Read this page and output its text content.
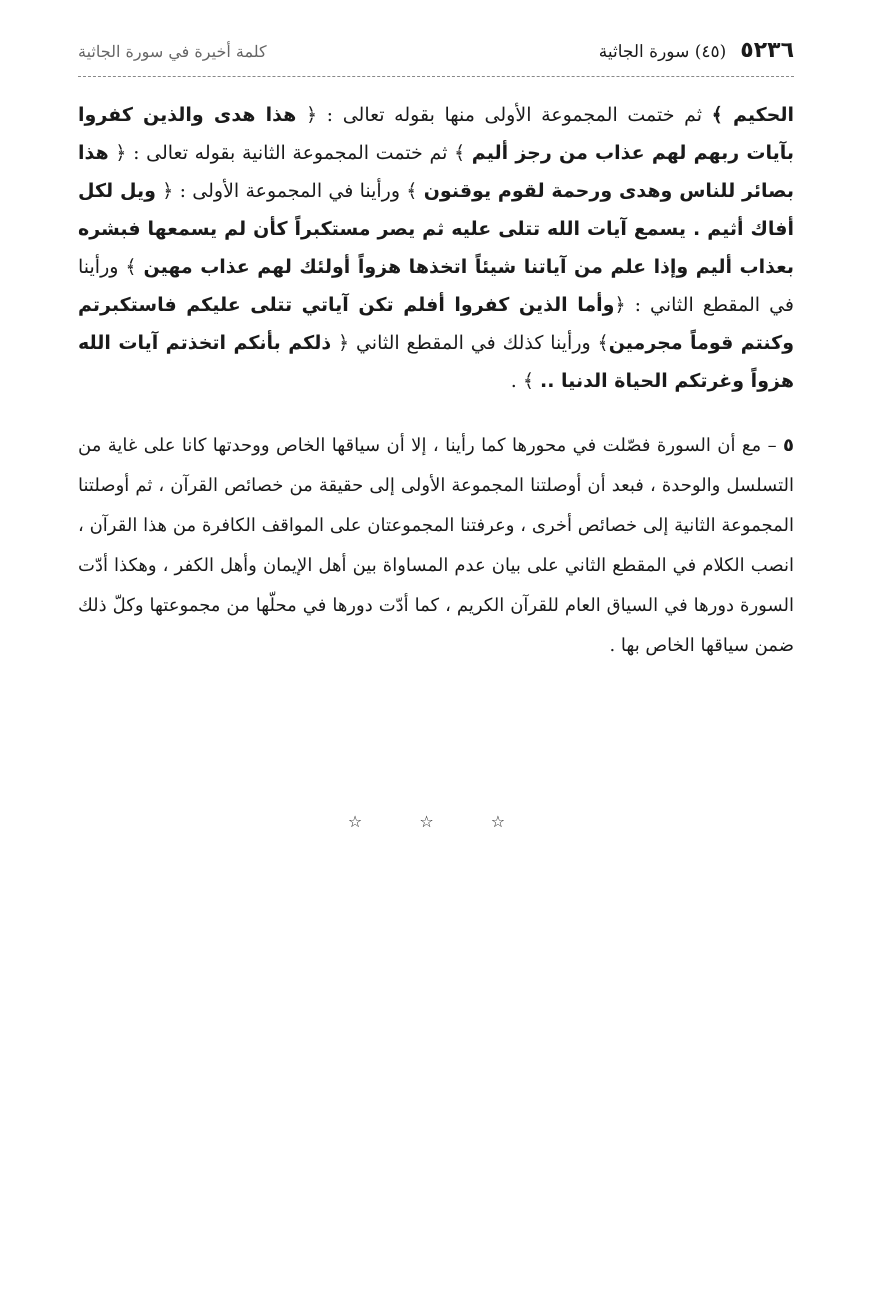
٥٢٣٦
(٤٥) سورة الجاثية
كلمة أخيرة في سورة الجاثية

الحكيم ﴾ ثم ختمت المجموعة الأولى منها بقوله تعالى : ﴿ هذا هدى والذين كفروا بآيات ربهم لهم عذاب من رجز أليم ﴾ ثم ختمت المجموعة الثانية بقوله تعالى : ﴿ هذا بصائر للناس وهدى ورحمة لقوم يوقنون ﴾ ورأينا في المجموعة الأولى : ﴿ ويل لكل أفاك أثيم . يسمع آيات الله تتلى عليه ثم يصر مستكبراً كأن لم يسمعها فبشره بعذاب أليم وإذا علم من آياتنا شيئاً اتخذها هزواً أولئك لهم عذاب مهين ﴾ ورأينا في المقطع الثاني : ﴿وأما الذين كفروا أفلم تكن آياتي تتلى عليكم فاستكبرتم وكنتم قوماً مجرمين﴾ ورأينا كذلك في المقطع الثاني ﴿ ذلكم بأنكم اتخذتم آيات الله هزواً وغرتكم الحياة الدنيا .. ﴾ .

٥ – مع أن السورة فصّلت في محورها كما رأينا ، إلا أن سياقها الخاص ووحدتها كانا على غاية من التسلسل والوحدة ، فبعد أن أوصلتنا المجموعة الأولى إلى حقيقة من خصائص القرآن ، ثم أوصلتنا المجموعة الثانية إلى خصائص أخرى ، وعرفتنا المجموعتان على المواقف الكافرة من هذا القرآن ، انصب الكلام في المقطع الثاني على بيان عدم المساواة بين أهل الإيمان وأهل الكفر ، وهكذا أدّت السورة دورها في السياق العام للقرآن الكريم ، كما أدّت دورها في محلّها من مجموعتها وكلّ ذلك ضمن سياقها الخاص بها .

☆ ☆ ☆
